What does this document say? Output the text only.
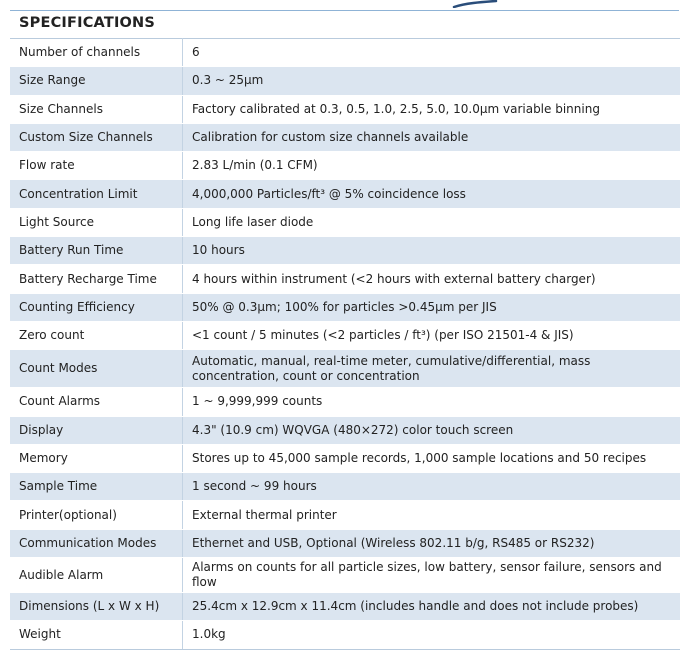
SPECIFICATIONS
Number of channels	6
Size Range	0.3 ~ 25μm
Size Channels	Factory calibrated at 0.3, 0.5, 1.0, 2.5, 5.0, 10.0μm variable binning
Custom Size Channels	Calibration for custom size channels available
Flow rate	2.83 L/min (0.1 CFM)
Concentration Limit	4,000,000 Particles/ft³ @ 5% coincidence loss
Light Source	Long life laser diode
Battery Run Time	10 hours
Battery Recharge Time	4 hours within instrument (<2 hours with external battery charger)
Counting Efficiency	50% @ 0.3μm; 100% for particles >0.45μm per JIS
Zero count	<1 count / 5 minutes (<2 particles / ft³) (per ISO 21501-4 & JIS)
Count Modes	Automatic, manual, real-time meter, cumulative/differential, mass concentration, count or concentration
Count Alarms	1 ~ 9,999,999 counts
Display	4.3" (10.9 cm) WQVGA (480×272) color touch screen
Memory	Stores up to 45,000 sample records, 1,000 sample locations and 50 recipes
Sample Time	1 second ~ 99 hours
Printer(optional)	External thermal printer
Communication Modes	Ethernet and USB, Optional (Wireless 802.11 b/g, RS485 or RS232)
Audible Alarm	Alarms on counts for all particle sizes, low battery, sensor failure, sensors and flow
Dimensions (L x W x H)	25.4cm x 12.9cm x 11.4cm (includes handle and does not include probes)
Weight	1.0kg
